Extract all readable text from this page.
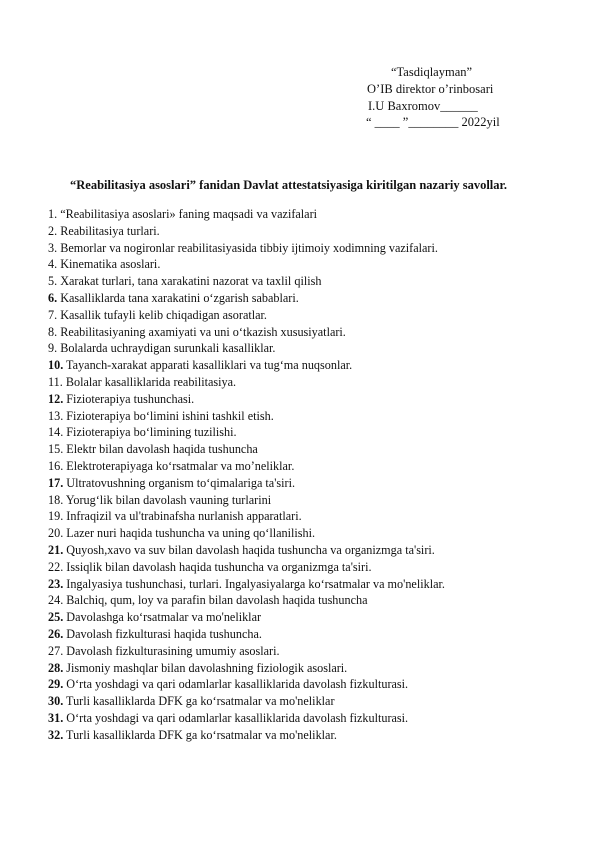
“Tasdiqlayman”
O’IB direktor o’rinbosari
I.U Baxromov______
“ ____ ”________ 2022yil
“Reabilitasiya asoslari” fanidan Davlat attestatsiyasiga kiritilgan nazariy savollar.
1. “Reabilitasiya asoslari» faning maqsadi va vazifalari
2. Reabilitasiya turlari.
3. Bemorlar va nogironlar reabilitasiyasida tibbiy ijtimoiy xodimning vazifalari.
4. Kinematika asoslari.
5. Xarakat turlari, tana xarakatini nazorat va taxlil qilish
6. Kasalliklarda tana xarakatini o‘zgarish sabablari.
7. Kasallik tufayli kelib chiqadigan asoratlar.
8. Reabilitasiyaning axamiyati va uni o‘tkazish xususiyatlari.
9. Bolalarda uchraydigan surunkali kasalliklar.
10. Tayanch-xarakat apparati kasalliklari va tug‘ma nuqsonlar.
11. Bolalar kasalliklarida reabilitasiya.
12. Fizioterapiya tushunchasi.
13. Fizioterapiya bo‘limini ishini tashkil etish.
14. Fizioterapiya bo‘limining tuzilishi.
15. Elektr bilan davolash haqida tushuncha
16. Elektroterapiyaga ko‘rsatmalar va mo’neliklar.
17. Ultratovushning organism to‘qimalariga ta'siri.
18. Yorug‘lik bilan davolash vauning turlarini
19. Infraqizil va ul'trabinafsha nurlanish apparatlari.
20. Lazer nuri haqida tushuncha va uning qo‘llanilishi.
21. Quyosh,xavo va suv bilan davolash haqida tushuncha va organizmga ta'siri.
22. Issiqlik bilan davolash haqida tushuncha va organizmga ta'siri.
23. Ingalyasiya tushunchasi, turlari. Ingalyasiyalarga ko‘rsatmalar va mo'neliklar.
24. Balchiq, qum, loy va parafin bilan davolash haqida tushuncha
25. Davolashga ko‘rsatmalar va mo'neliklar
26. Davolash fizkulturasi haqida tushuncha.
27. Davolash fizkulturasining umumiy asoslari.
28. Jismoniy mashqlar bilan davolashning fiziologik asoslari.
29. O‘rta yoshdagi va qari odamlarlar kasalliklarida davolash fizkulturasi.
30. Turli kasalliklarda DFK ga ko‘rsatmalar va mo'neliklar
31. O‘rta yoshdagi va qari odamlarlar kasalliklarida davolash fizkulturasi.
32. Turli kasalliklarda DFK ga ko‘rsatmalar va mo'neliklar.
